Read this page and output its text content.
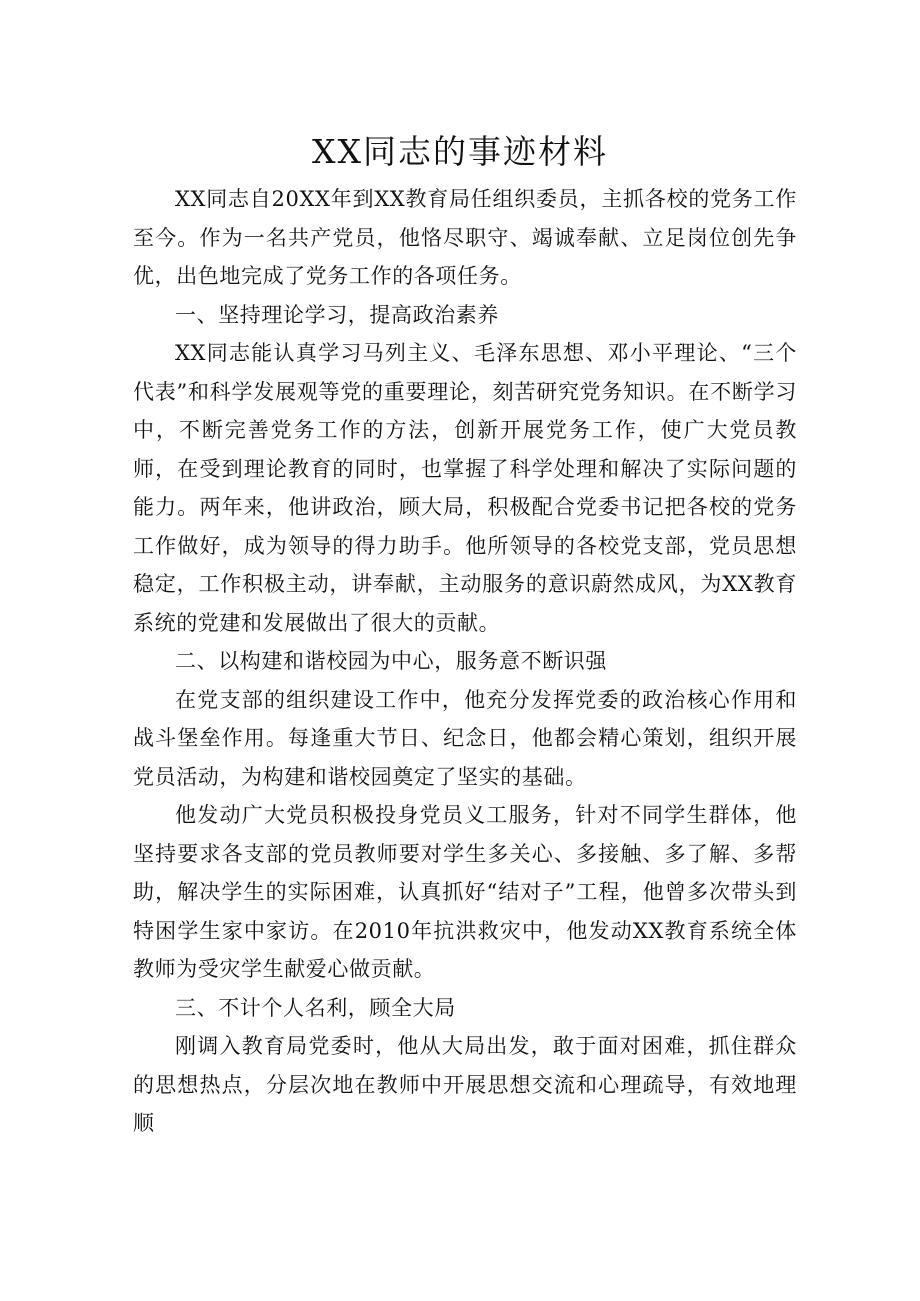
XX同志的事迹材料

XX同志自20XX年到XX教育局任组织委员，主抓各校的党务工作至今。作为一名共产党员，他恪尽职守、竭诚奉献、立足岗位创先争优，出色地完成了党务工作的各项任务。

一、坚持理论学习，提高政治素养

XX同志能认真学习马列主义、毛泽东思想、邓小平理论、“三个代表”和科学发展观等党的重要理论，刻苦研究党务知识。在不断学习中，不断完善党务工作的方法，创新开展党务工作，使广大党员教师，在受到理论教育的同时，也掌握了科学处理和解决了实际问题的能力。两年来，他讲政治，顾大局，积极配合党委书记把各校的党务工作做好，成为领导的得力助手。他所领导的各校党支部，党员思想稳定，工作积极主动，讲奉献，主动服务的意识蔚然成风，为XX教育系统的党建和发展做出了很大的贡献。

二、以构建和谐校园为中心，服务意不断识强

在党支部的组织建设工作中，他充分发挥党委的政治核心作用和战斗堡垒作用。每逢重大节日、纪念日，他都会精心策划，组织开展党员活动，为构建和谐校园奠定了坚实的基础。

他发动广大党员积极投身党员义工服务，针对不同学生群体，他坚持要求各支部的党员教师要对学生多关心、多接触、多了解、多帮助，解决学生的实际困难，认真抓好“结对子”工程，他曾多次带头到特困学生家中家访。在2010年抗洪救灾中，他发动XX教育系统全体教师为受灾学生献爱心做贡献。

三、不计个人名利，顾全大局

刚调入教育局党委时，他从大局出发，敢于面对困难，抓住群众的思想热点，分层次地在教师中开展思想交流和心理疏导，有效地理顺
